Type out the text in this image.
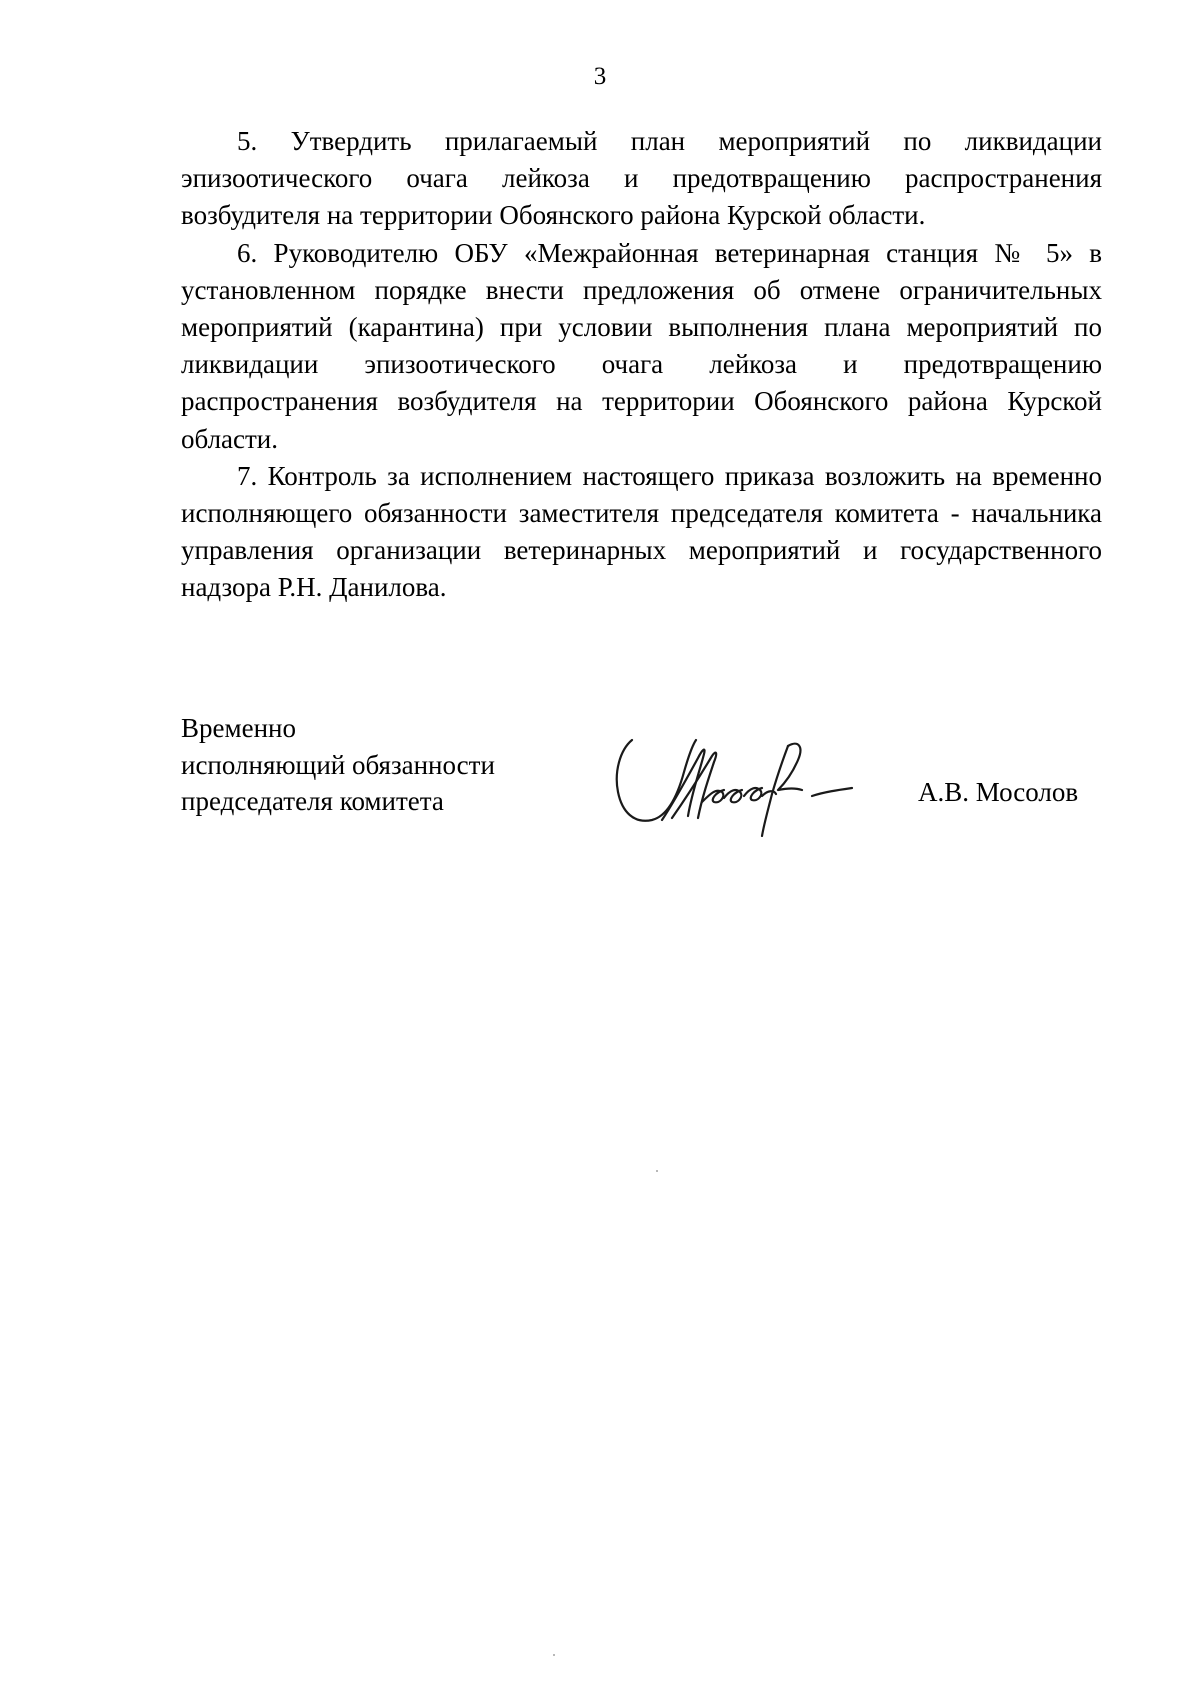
3

5. Утвердить прилагаемый план мероприятий по ликвидации эпизоотического очага лейкоза и предотвращению распространения возбудителя на территории Обоянского района Курской области.

6. Руководителю ОБУ «Межрайонная ветеринарная станция № 5» в установленном порядке внести предложения об отмене ограничительных мероприятий (карантина) при условии выполнения плана мероприятий по ликвидации эпизоотического очага лейкоза и предотвращению распространения возбудителя на территории Обоянского района Курской области.

7. Контроль за исполнением настоящего приказа возложить на временно исполняющего обязанности заместителя председателя комитета - начальника управления организации ветеринарных мероприятий и государственного надзора Р.Н. Данилова.

Временно
исполняющий обязанности
председателя комитета	А.В. Мосолов
